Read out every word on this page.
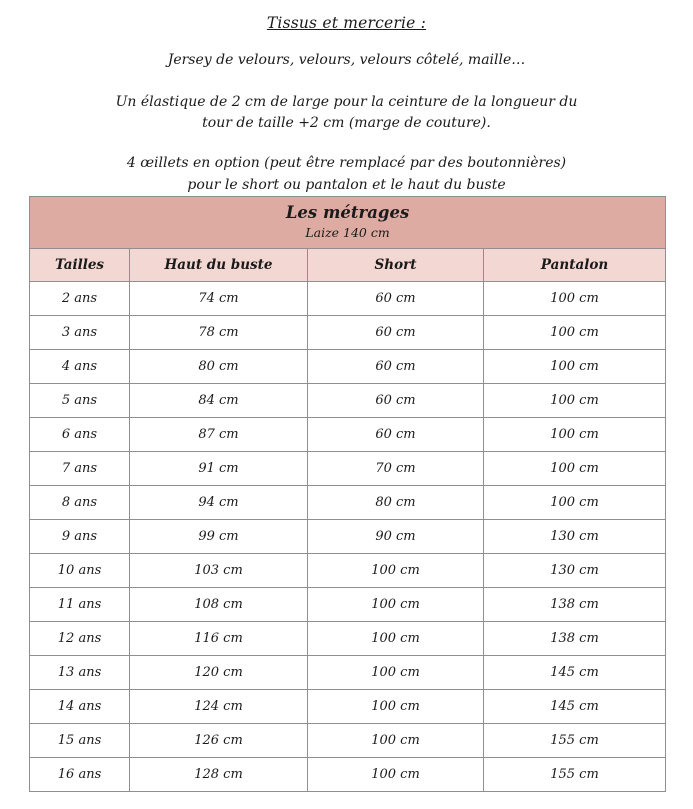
Tissus et mercerie :
Jersey de velours, velours, velours côtelé, maille…
Un élastique de 2 cm de large pour la ceinture de la longueur du
tour de taille +2 cm (marge de couture).
4 œillets en option (peut être remplacé par des boutonnières)
pour le short ou pantalon et le haut du buste
Les métrages
Laize 140 cm			

Tailles	Haut du buste	Short	Pantalon
2 ans	74 cm	60 cm	100 cm
3 ans	78 cm	60 cm	100 cm
4 ans	80 cm	60 cm	100 cm
5 ans	84 cm	60 cm	100 cm
6 ans	87 cm	60 cm	100 cm
7 ans	91 cm	70 cm	100 cm
8 ans	94 cm	80 cm	100 cm
9 ans	99 cm	90 cm	130 cm
10 ans	103 cm	100 cm	130 cm
11 ans	108 cm	100 cm	138 cm
12 ans	116 cm	100 cm	138 cm
13 ans	120 cm	100 cm	145 cm
14 ans	124 cm	100 cm	145 cm
15 ans	126 cm	100 cm	155 cm
16 ans	128 cm	100 cm	155 cm
